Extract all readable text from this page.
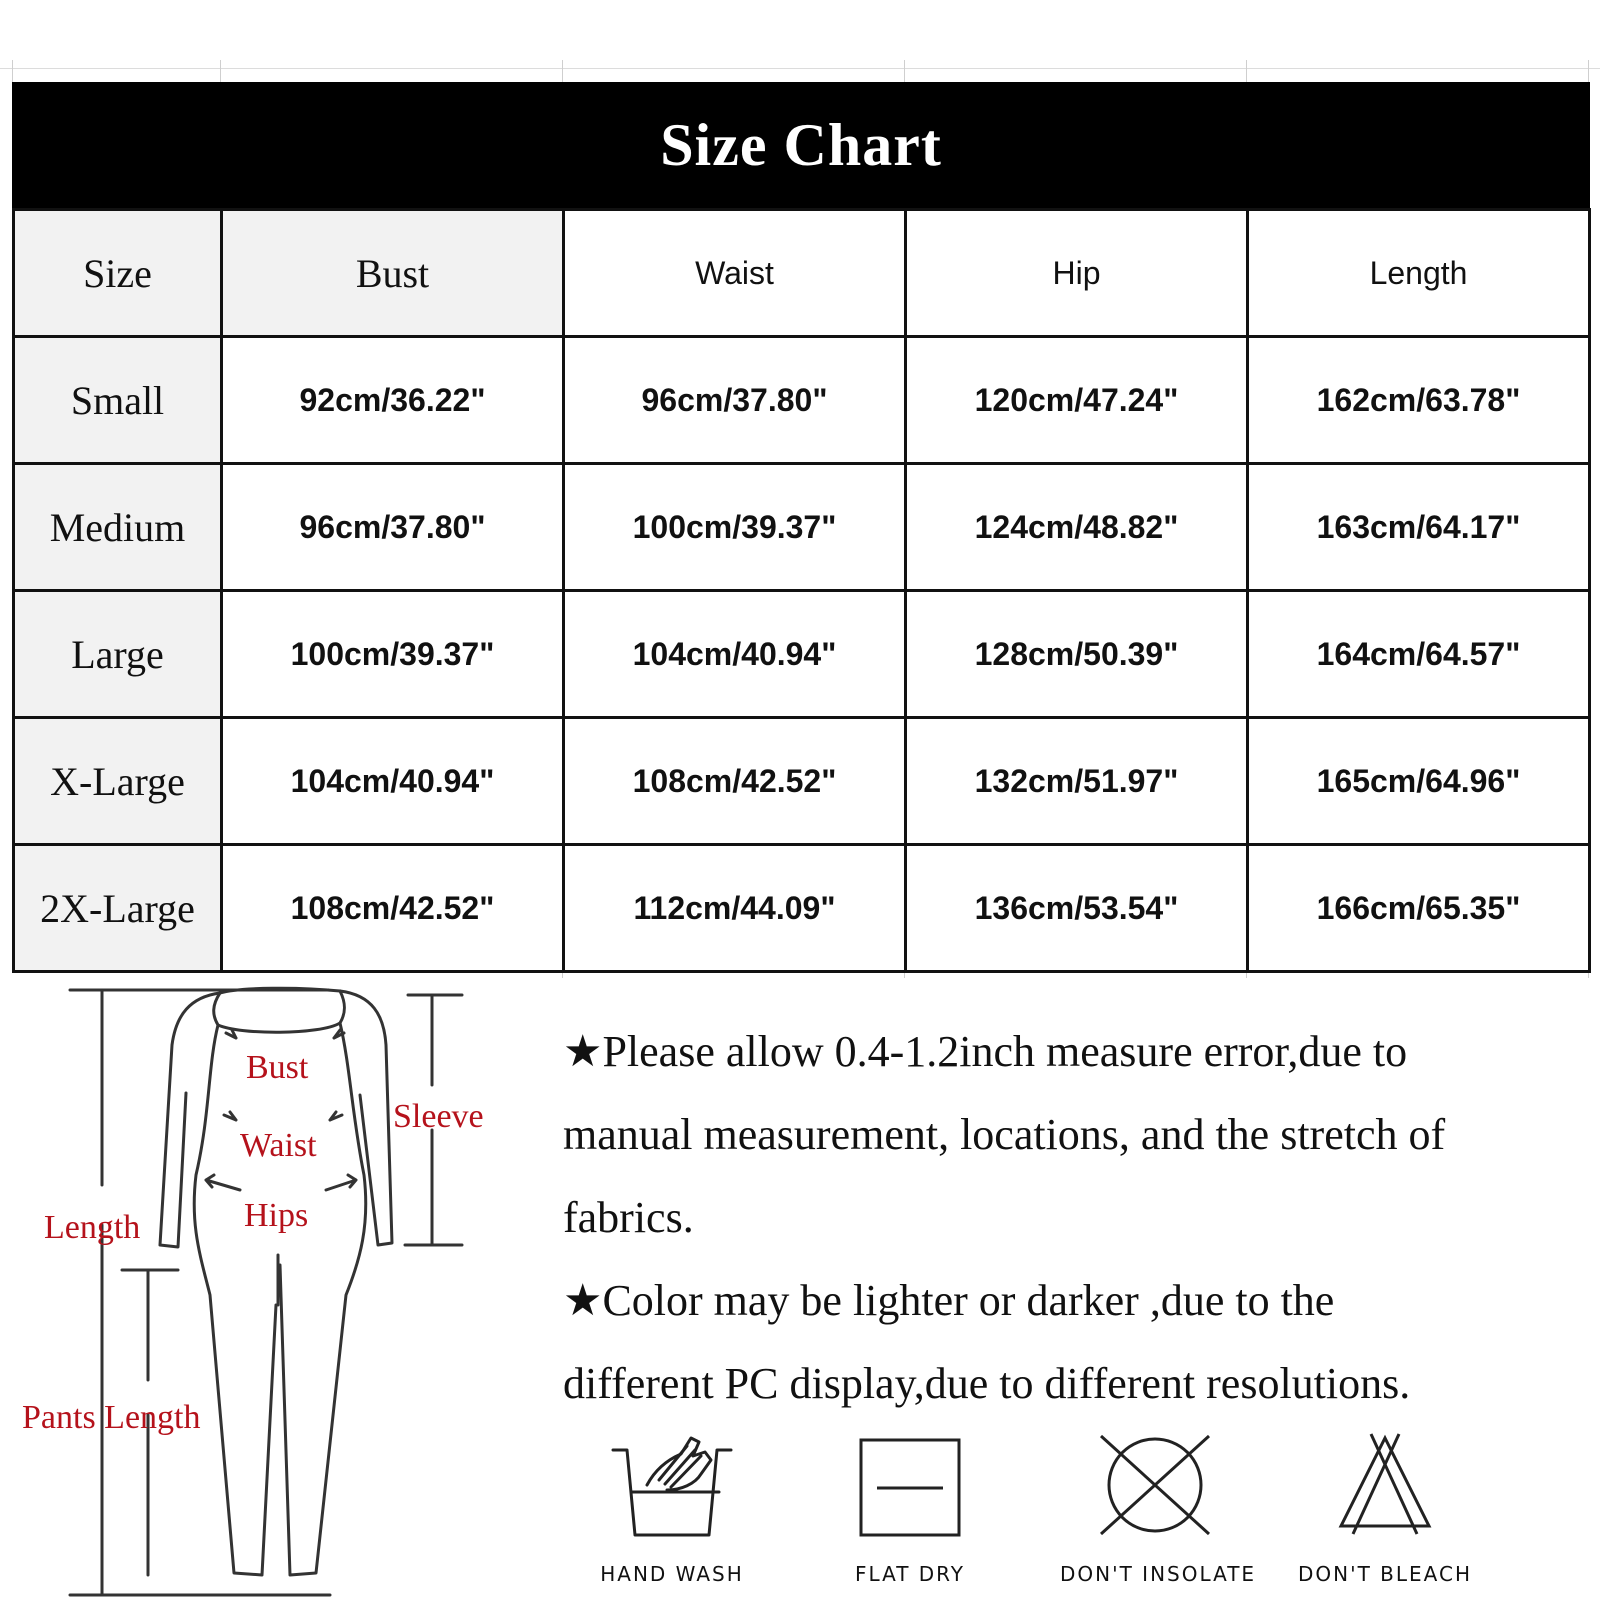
Size Chart
Size	Bust	Waist	Hip	Length
Small	92cm/36.22"	96cm/37.80"	120cm/47.24"	162cm/63.78"
Medium	96cm/37.80"	100cm/39.37"	124cm/48.82"	163cm/64.17"
Large	100cm/39.37"	104cm/40.94"	128cm/50.39"	164cm/64.57"
X-Large	104cm/40.94"	108cm/42.52"	132cm/51.97"	165cm/64.96"
2X-Large	108cm/42.52"	112cm/44.09"	136cm/53.54"	166cm/65.35"
Bust
Waist
Hips
Sleeve
Length
Pants Length

★Please allow 0.4-1.2inch measure error,due to

manual measurement, locations, and the stretch of

fabrics.

★Color may be lighter or darker ,due to the

different PC display,due to different resolutions.

HAND WASH	FLAT DRY	DON'T INSOLATE DON'T BLEACH
